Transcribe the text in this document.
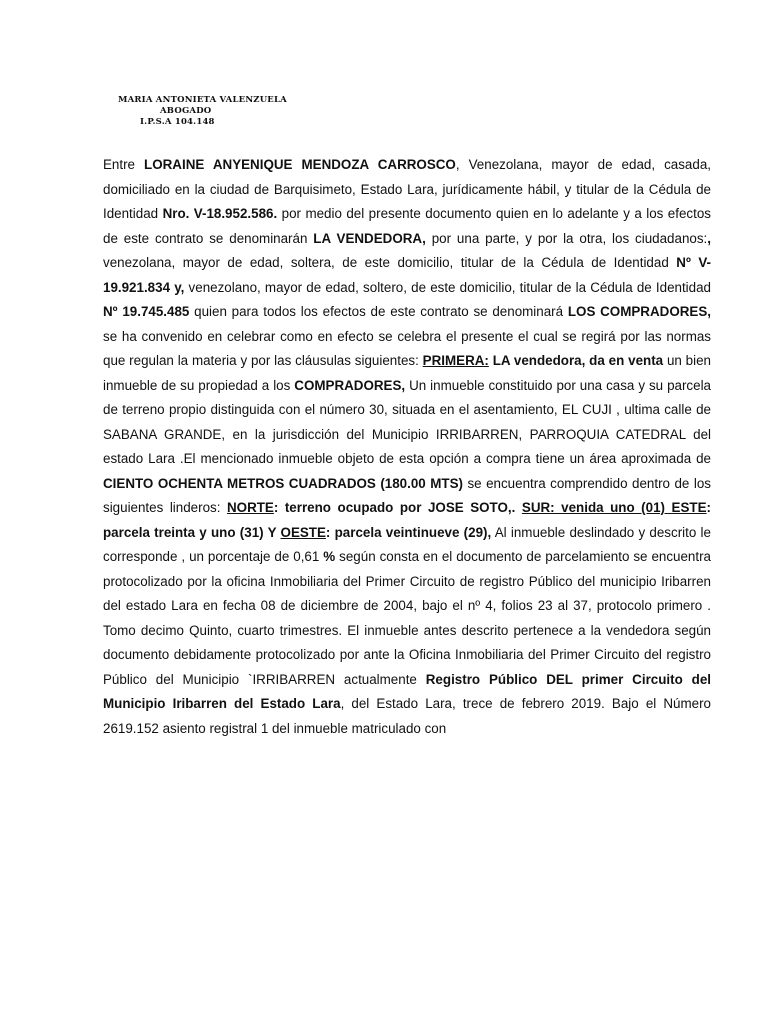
MARIA ANTONIETA VALENZUELA
ABOGADO
I.P.S.A 104.148

Entre LORAINE ANYENIQUE MENDOZA CARROSCO, Venezolana, mayor de edad, casada, domiciliado en la ciudad de Barquisimeto, Estado Lara, jurídicamente hábil, y titular de la Cédula de Identidad Nro. V-18.952.586. por medio del presente documento quien en lo adelante y a los efectos de este contrato se denominarán LA VENDEDORA, por una parte, y por la otra, los ciudadanos:, venezolana, mayor de edad, soltera, de este domicilio, titular de la Cédula de Identidad Nº V-19.921.834 y, venezolano, mayor de edad, soltero, de este domicilio, titular de la Cédula de Identidad Nº 19.745.485 quien para todos los efectos de este contrato se denominará LOS COMPRADORES, se ha convenido en celebrar como en efecto se celebra el presente el cual se regirá por las normas que regulan la materia y por las cláusulas siguientes: PRIMERA: LA vendedora, da en venta un bien inmueble de su propiedad a los COMPRADORES, Un inmueble constituido por una casa y su parcela de terreno propio distinguida con el número 30, situada en el asentamiento, EL CUJI , ultima calle de SABANA GRANDE, en la jurisdicción del Municipio IRRIBARREN, PARROQUIA CATEDRAL del estado Lara .El mencionado inmueble objeto de esta opción a compra tiene un área aproximada de CIENTO OCHENTA METROS CUADRADOS (180.00 MTS) se encuentra comprendido dentro de los siguientes linderos: NORTE: terreno ocupado por JOSE SOTO,. SUR: venida uno (01) ESTE: parcela treinta y uno (31) Y OESTE: parcela veintinueve (29), Al inmueble deslindado y descrito le corresponde , un porcentaje de 0,61 % según consta en el documento de parcelamiento se encuentra protocolizado por la oficina Inmobiliaria del Primer Circuito de registro Público del municipio Iribarren del estado Lara en fecha 08 de diciembre de 2004, bajo el nº 4, folios 23 al 37, protocolo primero . Tomo decimo Quinto, cuarto trimestres. El inmueble antes descrito pertenece a la vendedora según documento debidamente protocolizado por ante la Oficina Inmobiliaria del Primer Circuito del registro Público del Municipio `IRRIBARREN actualmente Registro Público DEL primer Circuito del Municipio Iribarren del Estado Lara, del Estado Lara, trece de febrero 2019. Bajo el Número 2619.152 asiento registral 1 del inmueble matriculado con
